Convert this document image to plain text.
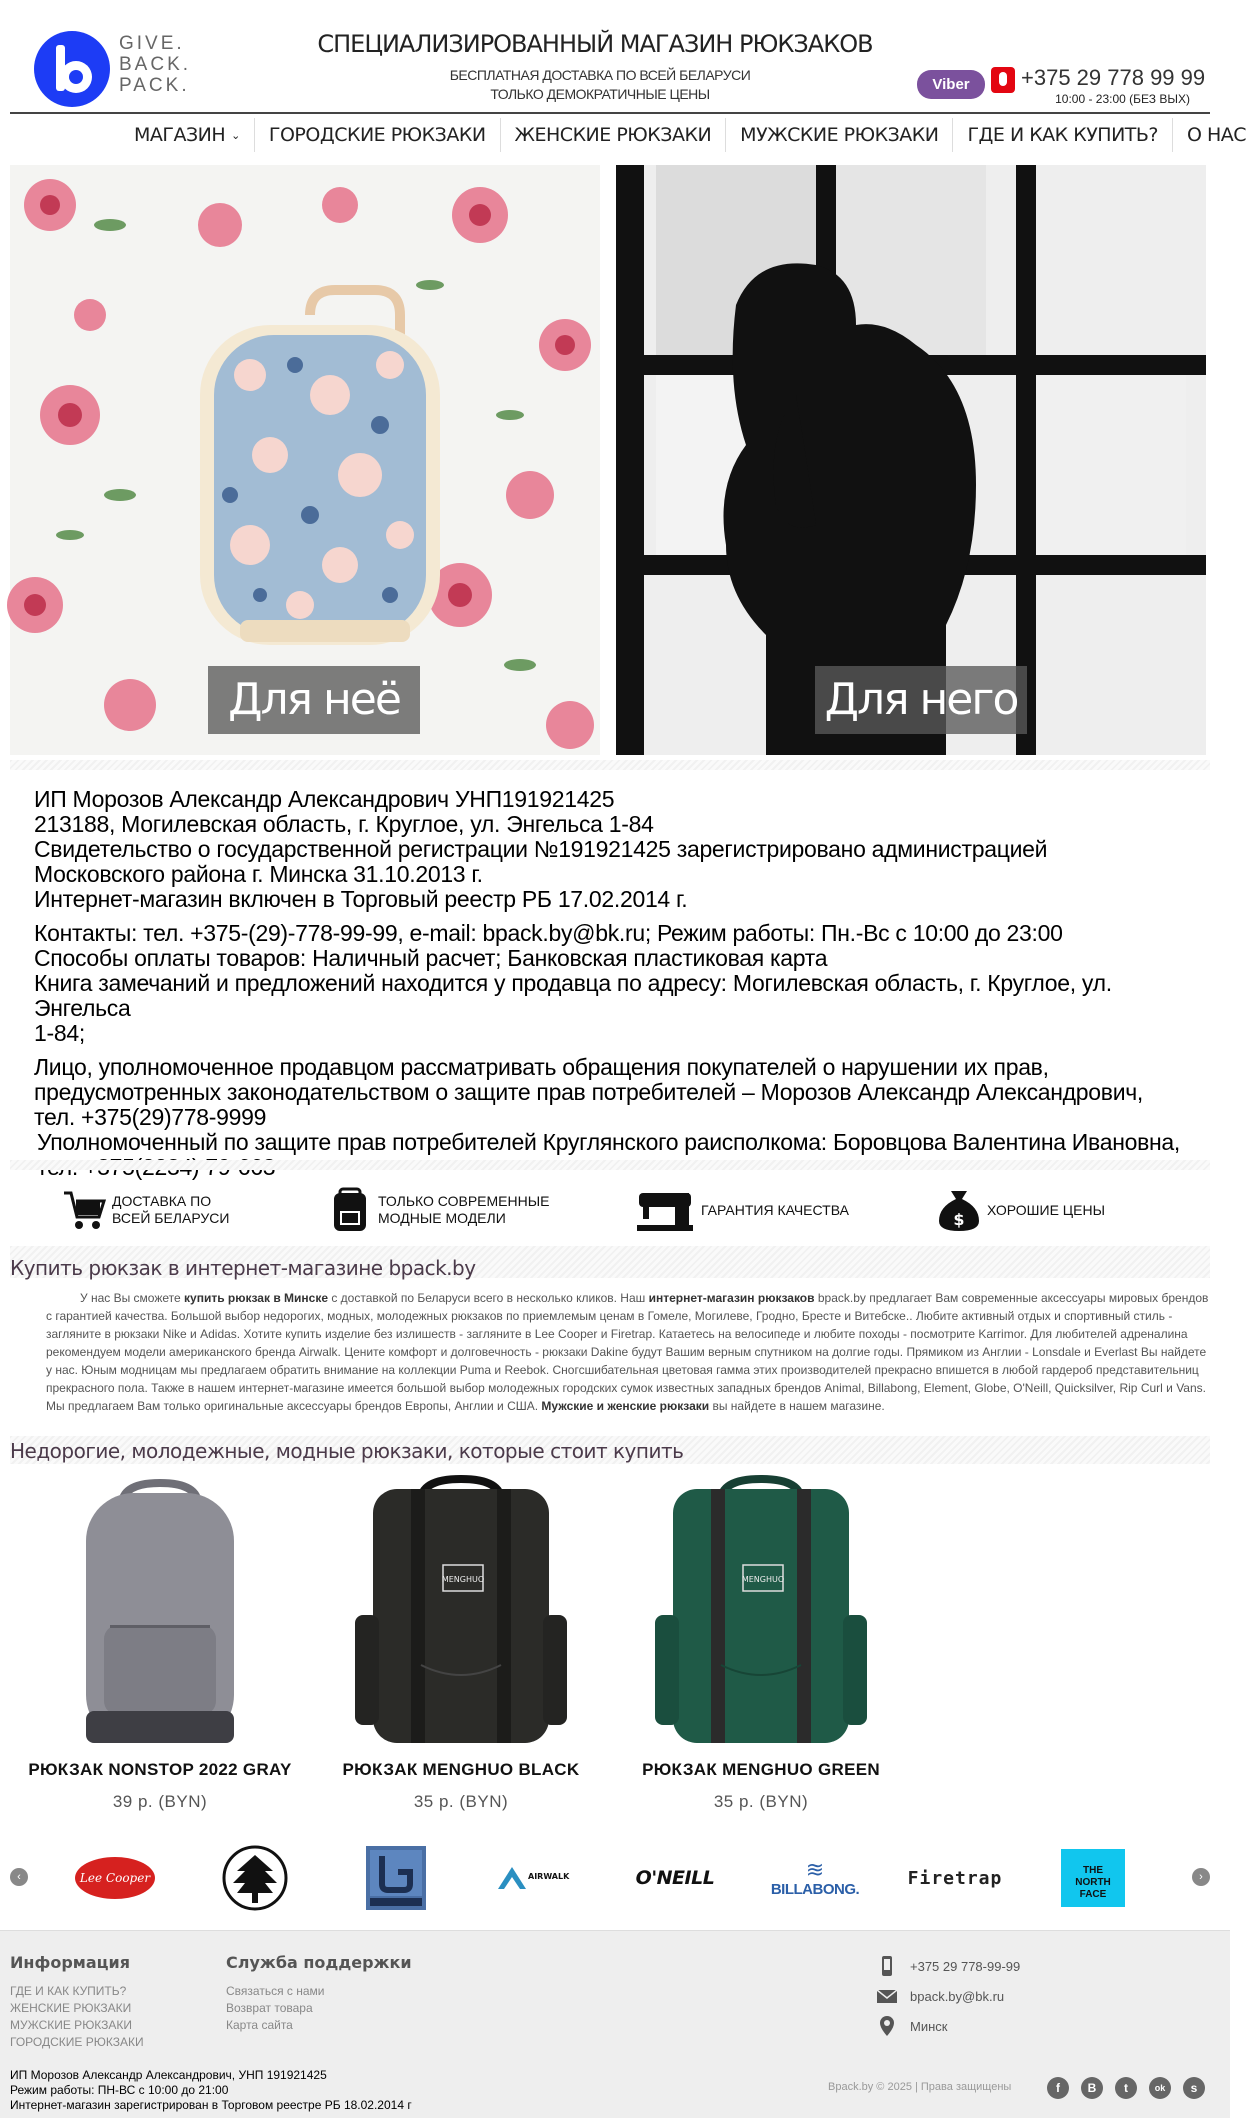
GIVE.
BACK.
PACK.
СПЕЦИАЛИЗИРОВАННЫЙ МАГАЗИН РЮКЗАКОВ
БЕСПЛАТНАЯ ДОСТАВКА ПО ВСЕЙ БЕЛАРУСИ
ТОЛЬКО ДЕМОКРАТИЧНЫЕ ЦЕНЫ
Viber	+375 29 778 99 99
10:00 - 23:00 (БЕЗ ВЫХ)
МАГАЗИН ⌄	ГОРОДСКИЕ РЮКЗАКИ	ЖЕНСКИЕ РЮКЗАКИ	МУЖСКИЕ РЮКЗАКИ	ГДЕ И КАК КУПИТЬ?	О НАС
Для неё	Для него

ИП Морозов Александр Александрович УНП191921425

213188, Могилевская область, г. Круглое, ул. Энгельса 1-84

Свидетельство о государственной регистрации №191921425 зарегистрировано администрацией

Московского района г. Минска 31.10.2013 г.

Интернет-магазин включен в Торговый реестр РБ 17.02.2014 г.

Контакты: тел. +375-(29)-778-99-99, e-mail: bpack.by@bk.ru; Режим работы: Пн.-Вс с 10:00 до 23:00

Способы оплаты товаров: Наличный расчет; Банковская пластиковая карта

Книга замечаний и предложений находится у продавца по адресу: Могилевская область, г. Круглое, ул. Энгельса

1-84;

Лицо, уполномоченное продавцом рассматривать обращения покупателей о нарушении их прав,

предусмотренных законодательством о защите прав потребителей – Морозов Александр Александрович,

тел. +375(29)778-9999

Уполномоченный по защите прав потребителей Круглянского раисполкома: Боровцова Валентина Ивановна,

ДОСТАВКА ПО
ВСЕЙ БЕЛАРУСИ
ТОЛЬКО СОВРЕМЕННЫЕ
МОДНЫЕ МОДЕЛИ
ГАРАНТИЯ КАЧЕСТВА
$
ХОРОШИЕ ЦЕНЫ
Купить рюкзак в интернет-магазине bpack.by
У нас Вы сможете купить рюкзак в Минске с доставкой по Беларуси всего в несколько кликов. Наш интернет-магазин рюкзаков bpack.by предлагает Вам современные аксессуары мировых брендов с гарантией качества. Большой выбор недорогих, модных, молодежных рюкзаков по приемлемым ценам в Гомеле, Могилеве, Гродно, Бресте и Витебске.. Любите активный отдых и спортивный стиль - загляните в рюкзаки Nike и Adidas. Хотите купить изделие без излишеств - загляните в Lee Cooper и Firetrap. Катаетесь на велосипеде и любите походы - посмотрите Karrimor. Для любителей адреналина рекомендуем модели американского бренда Airwalk. Цените комфорт и долговечность - рюкзаки Dakine будут Вашим верным спутником на долгие годы. Прямиком из Англии - Lonsdale и Everlast Вы найдете у нас. Юным модницам мы предлагаем обратить внимание на коллекции Puma и Reebok. Сногсшибательная цветовая гамма этих производителей прекрасно впишется в любой гардероб представительниц прекрасного пола. Также в нашем интернет-магазине имеется большой выбор молодежных городских сумок известных западных брендов Animal, Billabong, Element, Globe, O'Neill, Quicksilver, Rip Curl и Vans. Мы предлагаем Вам только оригинальные аксессуары брендов Европы, Англии и США. Мужские и женские рюкзаки вы найдете в нашем магазине.
Недорогие, молодежные, модные рюкзаки, которые стоит купить
РЮКЗАК NONSTOP 2022 GRAY
39 р. (BYN)
MENGHUO
РЮКЗАК MENGHUO BLACK
35 р. (BYN)
MENGHUO
РЮКЗАК MENGHUO GREEN
35 р. (BYN)
‹	›
Lee Cooper	AIRWALK	O'NEILL	≋
BILLABONG.
Firetrap	THE NORTH FACE
Информация
ГДЕ И КАК КУПИТЬ?
ЖЕНСКИЕ РЮКЗАКИ
МУЖСКИЕ РЮКЗАКИ
ГОРОДСКИЕ РЮКЗАКИ
Служба поддержки
Связаться с нами
Возврат товара
Карта сайта
+375 29 778-99-99
bpack.by@bk.ru
Минск
ИП Морозов Александр Александрович, УНП 191921425
Режим работы: ПН-ВС с 10:00 до 21:00
Интернет-магазин зарегистрирован в Торговом реестре РБ 18.02.2014 г
Bpack.by © 2025 | Права защищены	f	B	t	ok	s
